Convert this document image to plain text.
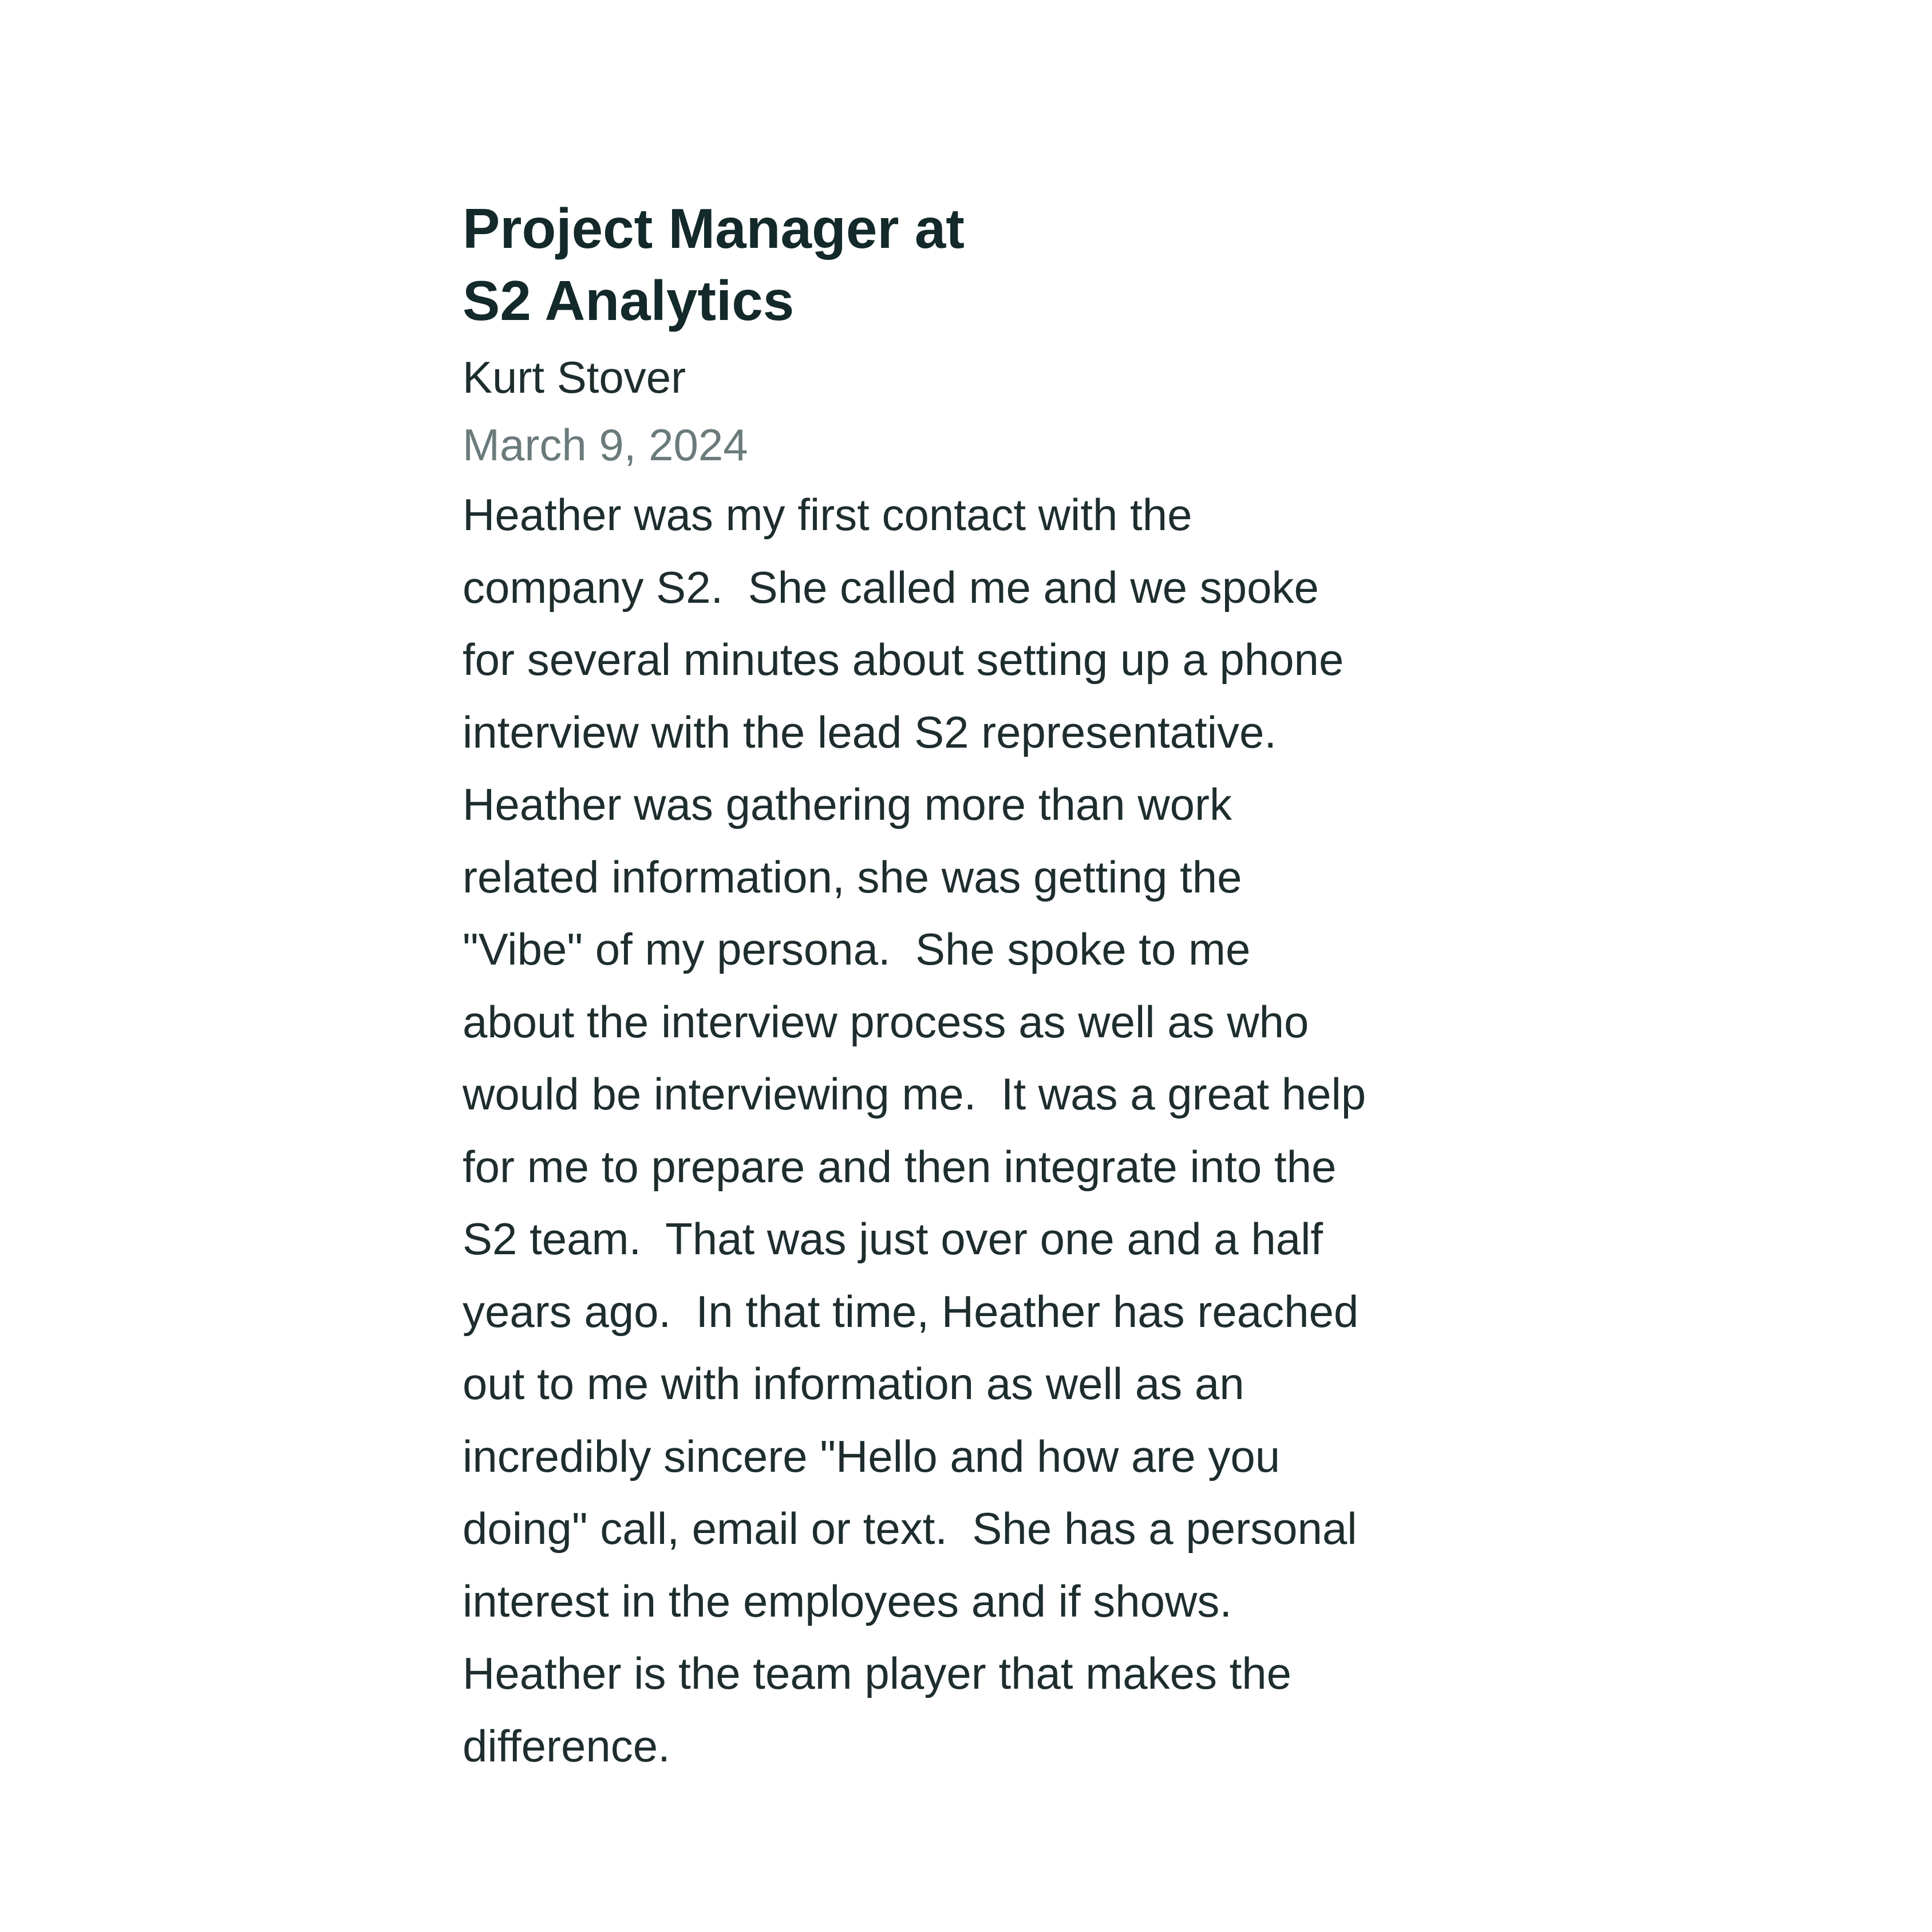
Project Manager at
S2 Analytics

Kurt Stover

March 9, 2024

Heather was my first contact with the
company S2.  She called me and we spoke
for several minutes about setting up a phone
interview with the lead S2 representative.
Heather was gathering more than work
related information, she was getting the
"Vibe" of my persona.  She spoke to me
about the interview process as well as who
would be interviewing me.  It was a great help
for me to prepare and then integrate into the
S2 team.  That was just over one and a half
years ago.  In that time, Heather has reached
out to me with information as well as an
incredibly sincere "Hello and how are you
doing" call, email or text.  She has a personal
interest in the employees and if shows.
Heather is the team player that makes the
difference.
